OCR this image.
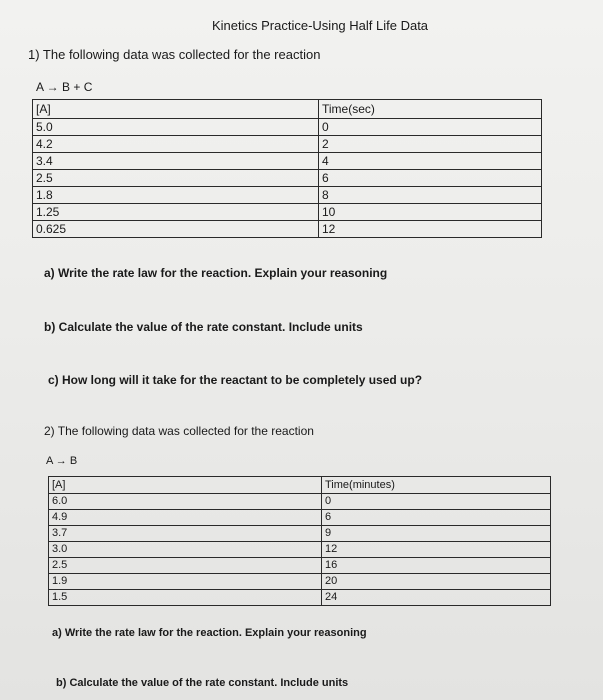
Kinetics Practice-Using Half Life Data
1) The following data was collected for the reaction
A → B + C
[A]	Time(sec)
5.0	0
4.2	2
3.4	4
2.5	6
1.8	8
1.25	10
0.625	12
a) Write the rate law for the reaction. Explain your reasoning
b) Calculate the value of the rate constant. Include units
c) How long will it take for the reactant to be completely used up?
2) The following data was collected for the reaction
A → B
[A]	Time(minutes)
6.0	0
4.9	6
3.7	9
3.0	12
2.5	16
1.9	20
1.5	24
a) Write the rate law for the reaction. Explain your reasoning
b) Calculate the value of the rate constant. Include units
